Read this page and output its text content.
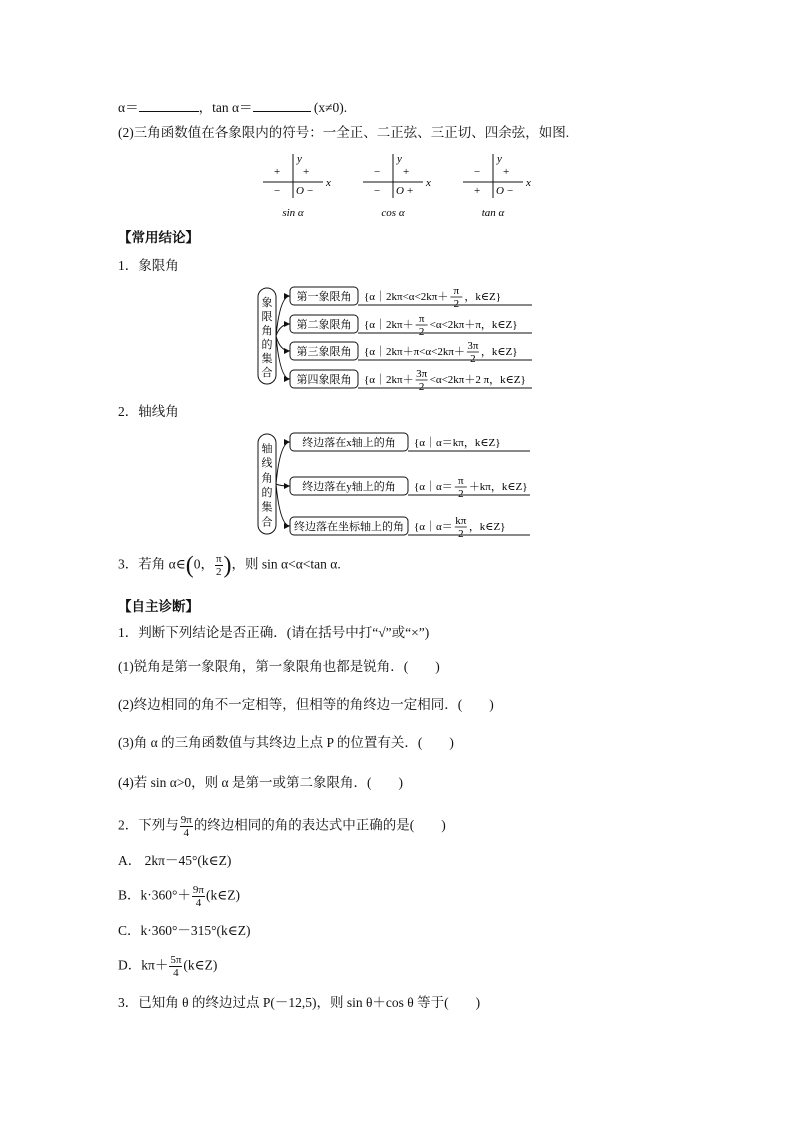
α＝	，tan α＝	(x≠0).
(2)三角函数值在各象限内的符号：一全正、二正弦、三正切、四余弦，如图.
x
y
O
+ +
− −
sin α
x
y
O
− +
− +
cos α
x
y
O
− +
+ −
tan α
【常用结论】
1．象限角
象
限
角
的
集
合
第一象限角 {α｜2kπ<α<2kπ＋ π
2
，k∈Z}
第二象限角 {α｜2kπ＋ π
2
<α<2kπ＋π，k∈Z}
第三象限角 {α｜2kπ＋π<α<2kπ＋ 3π
2
，k∈Z}
第四象限角 {α｜2kπ＋ 3π
2
<α<2kπ＋2 π，k∈Z}
2．轴线角
轴
线
角
的
集
合
终边落在x轴上的角 {α｜α＝kπ，k∈Z}
终边落在y轴上的角 {α｜α＝ π
2
＋kπ，k∈Z}
终边落在坐标轴上的角 {α｜α＝ kπ
2
，k∈Z}
3．若角 α∈(0， $\frac{\pi}{2}$ )，则 sin α<α<tan α.
【自主诊断】
1．判断下列结论是否正确．(请在括号中打“√”或“×”)
(1)锐角是第一象限角，第一象限角也都是锐角．(　　)
(2)终边相同的角不一定相等，但相等的角终边一定相同．(　　)
(3)角 α 的三角函数值与其终边上点 P 的位置有关．(　　)
(4)若 sin α>0，则 α 是第一或第二象限角．(　　)
2．下列与 $\frac{9\pi}{4}$ 的终边相同的角的表达式中正确的是(　　)
A． 2kπ－45°(k∈Z)
B．$k\cdot 360^\circ+ \frac{9\pi}{4}$ (k∈Z)
C．k·360°－315°(k∈Z)
D．$k\pi+ \frac{5\pi}{4}$ (k∈Z)
3．已知角 θ 的终边过点 P(－12,5)，则 sin θ＋cos θ 等于(　　)
